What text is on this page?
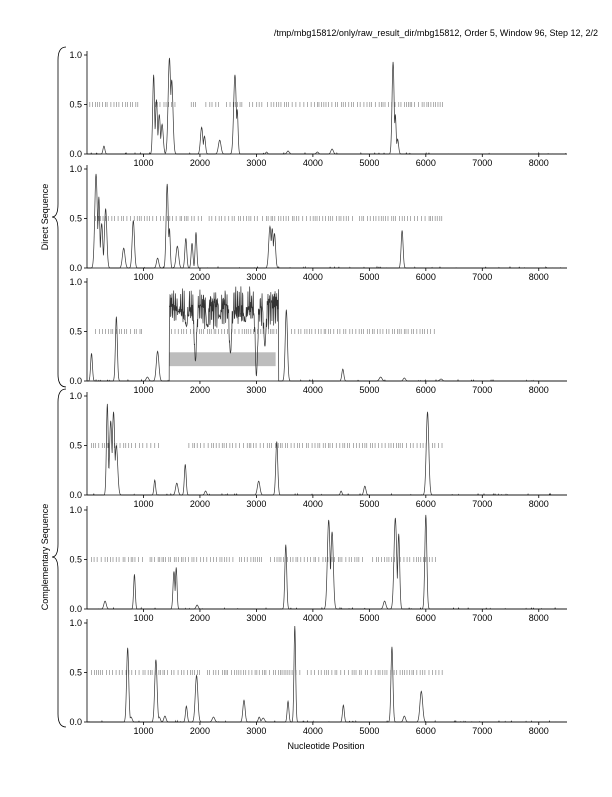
/tmp/mbg15812/only/raw_result_dir/mbg15812, Order 5, Window 96, Step 12, 2/2
Nucleotide Position
Direct Sequence
Complementary Sequence
0.0
0.5
1.0
1000	2000	3000	4000	5000	6000	7000	8000
0.0
0.5
1.0
1000	2000	3000	4000	5000	6000	7000	8000
0.0
0.5
1.0
1000	2000	3000	4000	5000	6000	7000	8000
0.0
0.5
1.0
1000	2000	3000	4000	5000	6000	7000	8000
0.0
0.5
1.0
1000	2000	3000	4000	5000	6000	7000	8000
0.0
0.5
1.0
1000	2000	3000	4000	5000	6000	7000	8000
